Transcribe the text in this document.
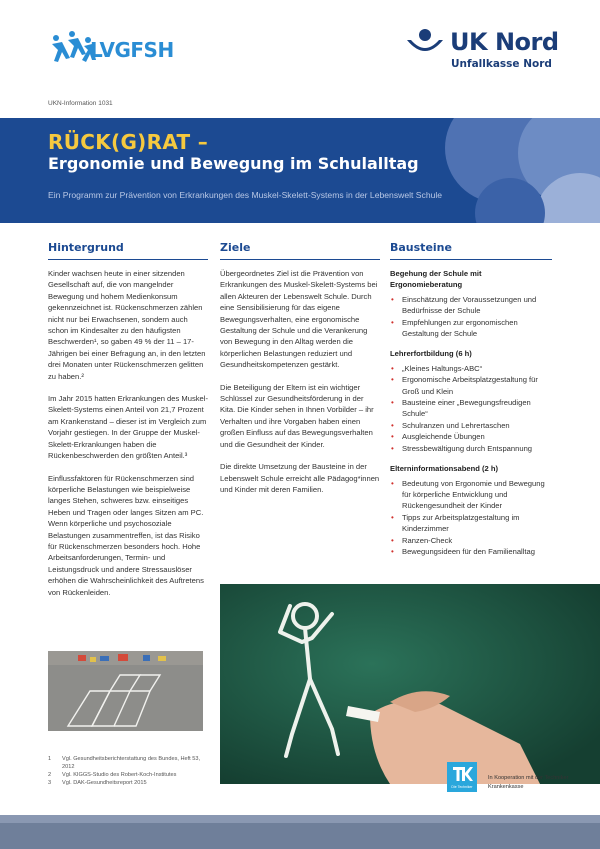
LVGFSH	UK Nord
Unfallkasse Nord
UKN-Information 1031
RÜCK(G)RAT –
Ergonomie und Bewegung im Schulalltag
Ein Programm zur Prävention von Erkrankungen des Muskel-Skelett-Systems in der Lebenswelt Schule
Hintergrund	Ziele	Bausteine

Kinder wachsen heute in einer sitzenden Gesellschaft auf, die von mangelnder Bewegung und hohem Medienkonsum gekennzeichnet ist. Rückenschmerzen zählen nicht nur bei Erwachsenen, sondern auch schon im Kindesalter zu den häufigsten Beschwerden¹, so gaben 49 % der 11 – 17-Jährigen bei einer Befragung an, in den letzten drei Monaten unter Rückenschmerzen gelitten zu haben.²

Im Jahr 2015 hatten Erkrankungen des Muskel-Skelett-Systems einen Anteil von 21,7 Prozent am Krankenstand – dieser ist im Vergleich zum Vorjahr gestiegen. In der Gruppe der Muskel-Skelett-Erkrankungen haben die Rückenbeschwerden den größten Anteil.³

Einflussfaktoren für Rückenschmerzen sind körperliche Belastungen wie beispielweise langes Stehen, schweres bzw. einseitiges Heben und Tragen oder langes Sitzen am PC. Wenn körperliche und psychosoziale Belastungen zusammentreffen, ist das Risiko für Rückenschmerzen besonders hoch. Hohe Arbeitsanforderungen, Termin- und Leistungsdruck und andere Stressauslöser erhöhen die Wahrscheinlichkeit des Auftretens von Rückenleiden.

Übergeordnetes Ziel ist die Prävention von Erkrankungen des Muskel-Skelett-Systems bei allen Akteuren der Lebenswelt Schule. Durch eine Sensibilisierung für das eigene Bewegungsverhalten, eine ergonomische Gestaltung der Schule und die Verankerung von Bewegung in den Alltag werden die körperlichen Belastungen reduziert und Gesundheitskompetenzen gestärkt.

Die Beteiligung der Eltern ist ein wichtiger Schlüssel zur Gesundheitsförderung in der Kita. Die Kinder sehen in Ihnen Vorbilder – ihr Verhalten und ihre Vorgaben haben einen großen Einfluss auf das Bewegungsverhalten und die Gesundheit der Kinder.

Die direkte Umsetzung der Bausteine in der Lebenswelt Schule erreicht alle Pädagog*innen und Kinder mit deren Familien.

Begehung der Schule mit Ergonomieberatung
• Einschätzung der Voraussetzungen und Bedürfnisse der Schule
• Empfehlungen zur ergonomischen Gestaltung der Schule
Lehrerfortbildung (6 h)
• „Kleines Haltungs-ABC“
• Ergonomische Arbeitsplatzgestaltung für Groß und Klein
• Bausteine einer „Bewegungsfreudigen Schule“
• Schulranzen und Lehrertaschen
• Ausgleichende Übungen
• Stressbewältigung durch Entspannung
Elterninformationsabend (2 h)
• Bedeutung von Ergonomie und Bewegung für körperliche Entwicklung und Rückengesundheit der Kinder
• Tipps zur Arbeitsplatzgestaltung im Kinderzimmer
• Ranzen-Check
• Bewegungsideen für den Familienalltag
1 Vgl. Gesundheitsberichterstattung des Bundes, Heft 53, 2012
2 Vgl. KIGGS-Studio des Robert-Koch-Institutes
3 Vgl. DAK-Gesundheitsreport 2015
Die Techniker
In Kooperation mit der Techniker Krankenkasse
